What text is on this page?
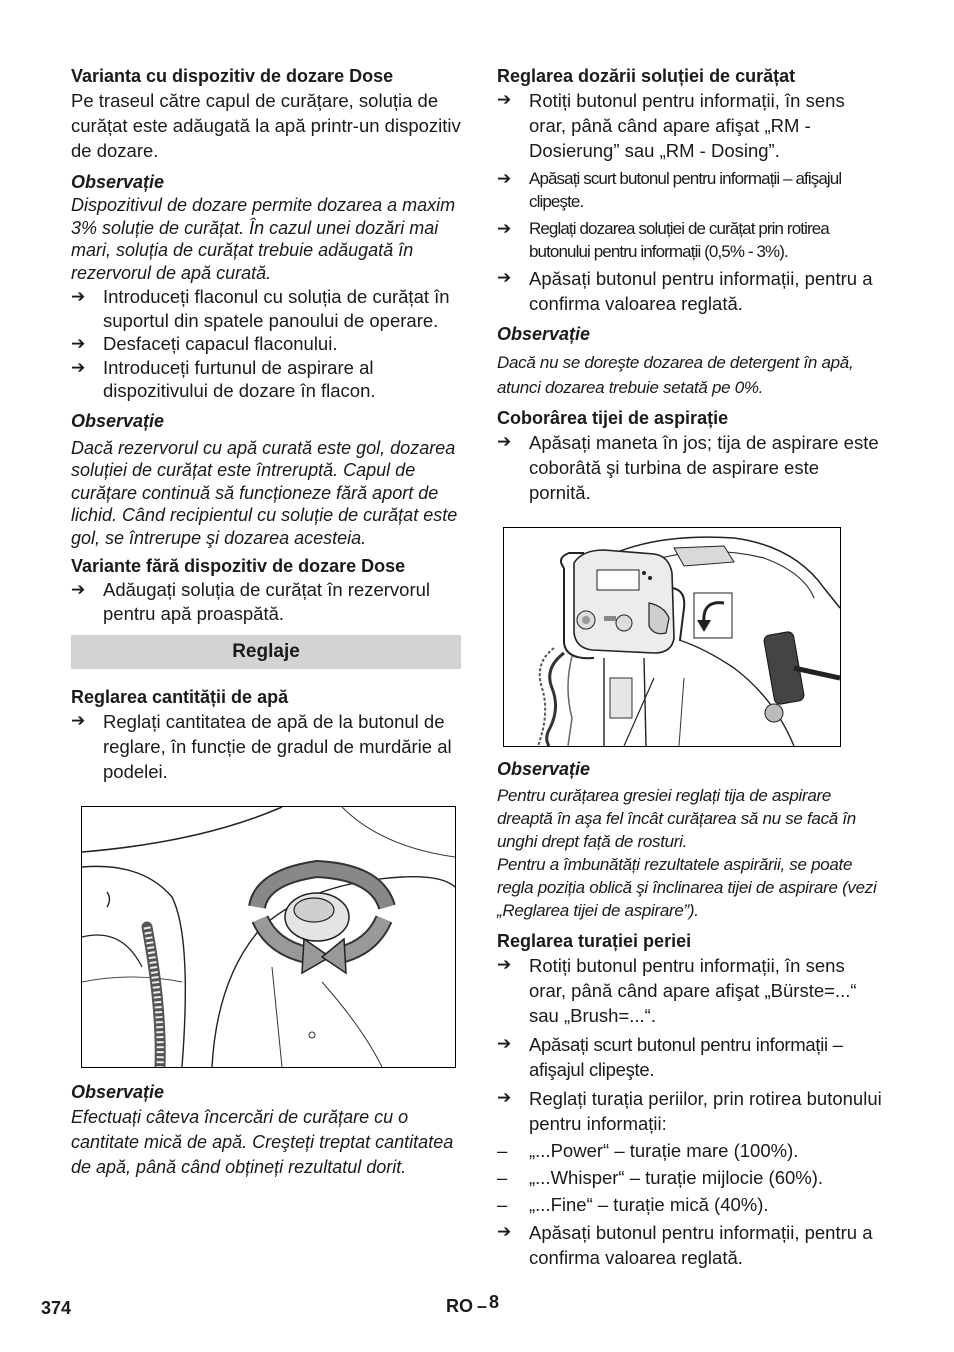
Varianta cu dispozitiv de dozare Dose

Pe traseul către capul de curățare, soluția de curățat este adăugată la apă printr-un dispozitiv de dozare.

Observație

Dispozitivul de dozare permite dozarea a maxim 3% soluție de curățat. În cazul unei dozări mai mari, soluția de curățat trebuie adăugată în rezervorul de apă curată.

➔ Introduceți flaconul cu soluția de curățat în suportul din spatele panoului de operare.
➔ Desfaceți capacul flaconului.
➔ Introduceți furtunul de aspirare al dispozitivului de dozare în flacon.

Observație

Dacă rezervorul cu apă curată este gol, dozarea soluției de curățat este întreruptă. Capul de curățare continuă să funcționeze fără aport de lichid. Când recipientul cu soluție de curățat este gol, se întrerupe şi dozarea acesteia.

Variante fără dispozitiv de dozare Dose

➔ Adăugați soluția de curățat în rezervorul pentru apă proaspătă.
Reglaje

Reglarea cantității de apă

➔ Reglați cantitatea de apă de la butonul de reglare, în funcție de gradul de murdărie al podelei.

Observație

Efectuați câteva încercări de curățare cu o cantitate mică de apă. Creşteți treptat cantitatea de apă, până când obțineți rezultatul dorit.

Reglarea dozării soluției de curățat

➔ Rotiți butonul pentru informații, în sens orar, până când apare afişat „RM - Dosierung” sau „RM - Dosing”.
➔	Apăsați scurt butonul pentru informații – afişajul clipeşte.
➔	Reglați dozarea soluției de curățat prin rotirea butonului pentru informații (0,5% - 3%).
➔ Apăsați butonul pentru informații, pentru a confirma valoarea reglată.

Observație

Dacă nu se doreşte dozarea de detergent în apă, atunci dozarea trebuie setată pe 0%.

Coborârea tijei de aspirație

➔ Apăsați maneta în jos; tija de aspirare este coborâtă şi turbina de aspirare este pornită.

Observație

Pentru curățarea gresiei reglați tija de aspirare dreaptă în aşa fel încât curățarea să nu se facă în unghi drept față de rosturi.

Pentru a îmbunătăți rezultatele aspirării, se poate regla poziția oblică şi înclinarea tijei de aspirare (vezi „Reglarea tijei de aspirare”).

Reglarea turației periei

➔ Rotiți butonul pentru informații, în sens orar, până când apare afişat „Bürste=...“ sau „Brush=...“.
➔ Apăsați scurt butonul pentru informații – afişajul clipeşte.
➔ Reglați turația periilor, prin rotirea butonului pentru informații:
–	„...Power“ – turație mare (100%).
–	„...Whisper“ – turație mijlocie (60%).
–	„...Fine“ – turație mică (40%).
➔ Apăsați butonul pentru informații, pentru a confirma valoarea reglată.
374	RO – 8
